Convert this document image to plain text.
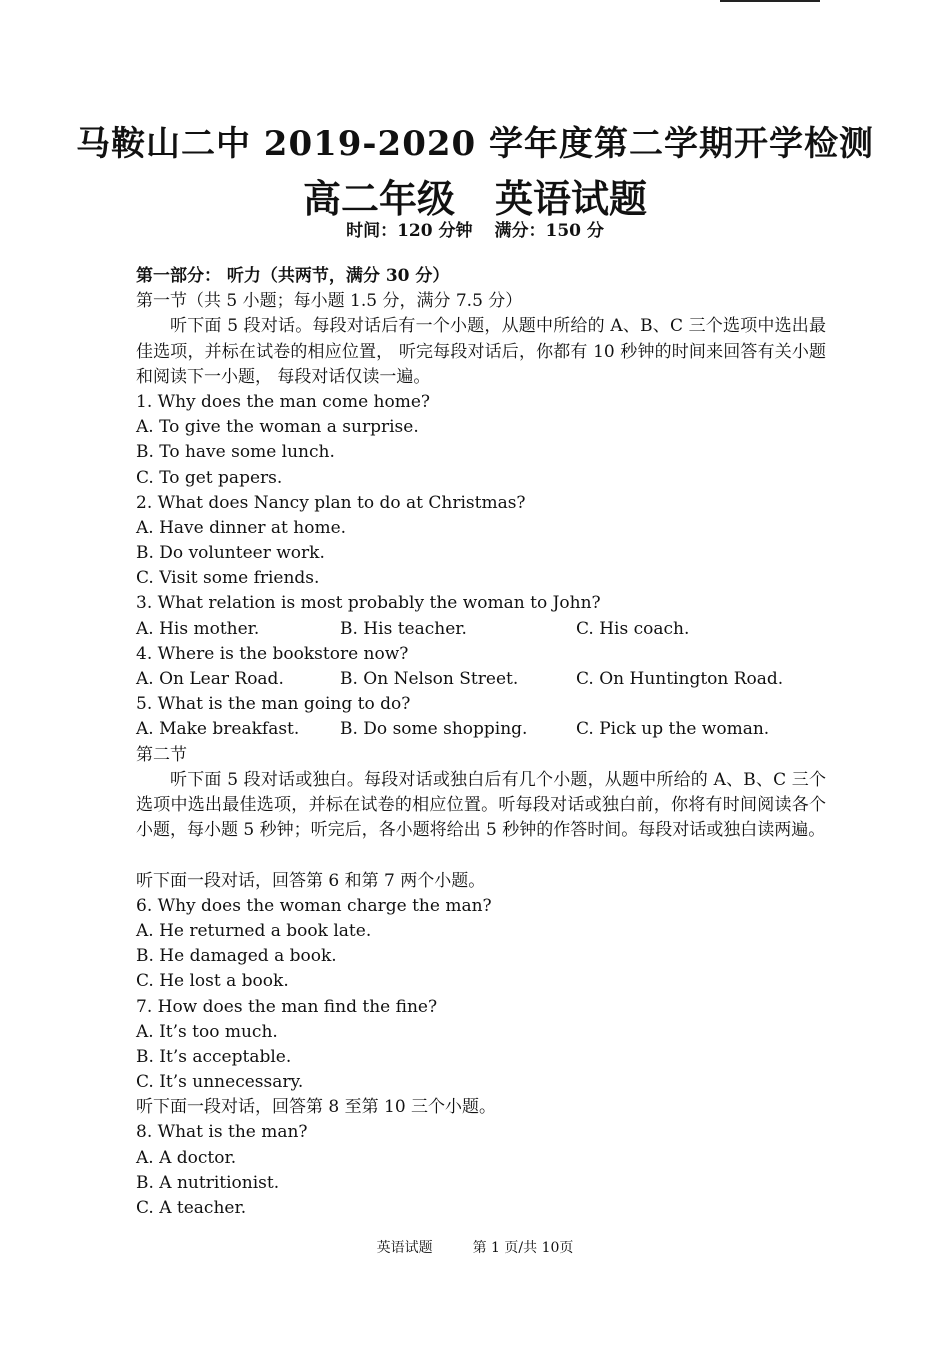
马鞍山二中 2019-2020 学年度第二学期开学检测
高二年级 英语试题
时间：120 分钟 满分：150 分
第一部分： 听力（共两节，满分 30 分）
第一节（共 5 小题；每小题 1.5 分，满分 7.5 分）
听下面 5 段对话。每段对话后有一个小题，从题中所给的 A、B、C 三个选项中选出最佳选项，并标在试卷的相应位置， 听完每段对话后，你都有 10 秒钟的时间来回答有关小题和阅读下一小题， 每段对话仅读一遍。
1. Why does the man come home?
A. To give the woman a surprise.
B. To have some lunch.
C. To get papers.
2. What does Nancy plan to do at Christmas?
A. Have dinner at home.
B. Do volunteer work.
C. Visit some friends.
3. What relation is most probably the woman to John?
A. His mother.	B. His teacher.	C. His coach.
4. Where is the bookstore now?
A. On Lear Road.	B. On Nelson Street.	C. On Huntington Road.
5. What is the man going to do?
A. Make breakfast.	B. Do some shopping.	C. Pick up the woman.
第二节
听下面 5 段对话或独白。每段对话或独白后有几个小题，从题中所给的 A、B、C 三个选项中选出最佳选项，并标在试卷的相应位置。听每段对话或独白前，你将有时间阅读各个小题，每小题 5 秒钟；听完后，各小题将给出 5 秒钟的作答时间。每段对话或独白读两遍。
听下面一段对话，回答第 6 和第 7 两个小题。
6. Why does the woman charge the man?
A. He returned a book late.
B. He damaged a book.
C. He lost a book.
7. How does the man find the fine?
A. It’s too much.
B. It’s acceptable.
C. It’s unnecessary.
听下面一段对话，回答第 8 至第 10 三个小题。
8. What is the man?
A. A doctor.
B. A nutritionist.
C. A teacher.
英语试题	第 1 页/共 10页
